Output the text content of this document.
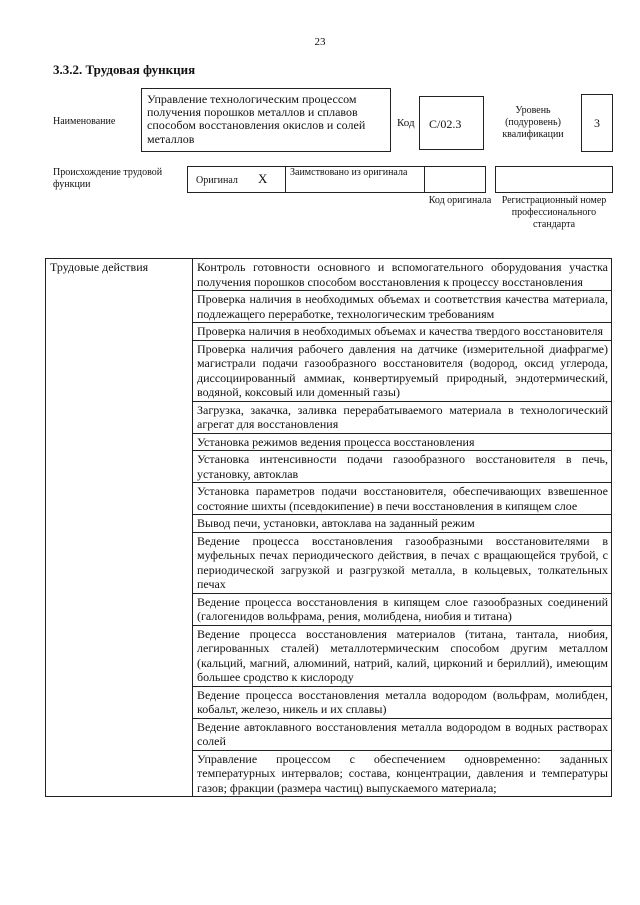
23
3.3.2. Трудовая функция
Наименование
Управление технологическим процессом получения порошков металлов и сплавов способом восстановления окислов и солей металлов
Код	C/02.3
Уровень (подуровень) квалификации
3
Происхождение трудовой функции	Оригинал X Заимствовано из оригинала
Код оригинала	Регистрационный номер профессионального стандарта
Трудовые действия	Контроль готовности основного и вспомогательного оборудования участка получения порошков способом восстановления к процессу восстановления
Проверка наличия в необходимых объемах и соответствия качества материала, подлежащего переработке, технологическим требованиям
Проверка наличия в необходимых объемах и качества твердого восстановителя
Проверка наличия рабочего давления на датчике (измерительной диафрагме) магистрали подачи газообразного восстановителя (водород, оксид углерода, диссоциированный аммиак, конвертируемый природный, эндотермический, водяной, коксовый или доменный газы)
Загрузка, закачка, заливка перерабатываемого материала в технологический агрегат для восстановления
Установка режимов ведения процесса восстановления
Установка интенсивности подачи газообразного восстановителя в печь, установку, автоклав
Установка параметров подачи восстановителя, обеспечивающих взвешенное состояние шихты (псевдокипение) в печи восстановления в кипящем слое
Вывод печи, установки, автоклава на заданный режим
Ведение процесса восстановления газообразными восстановителями в муфельных печах периодического действия, в печах с вращающейся трубой, с периодической загрузкой и разгрузкой металла, в кольцевых, толкательных печах
Ведение процесса восстановления в кипящем слое газообразных соединений (галогенидов вольфрама, рения, молибдена, ниобия и титана)
Ведение процесса восстановления материалов (титана, тантала, ниобия, легированных сталей) металлотермическим способом другим металлом (кальций, магний, алюминий, натрий, калий, цирконий и бериллий), имеющим большее сродство к кислороду
Ведение процесса восстановления металла водородом (вольфрам, молибден, кобальт, железо, никель и их сплавы)
Ведение автоклавного восстановления металла водородом в водных растворах солей
Управление процессом с обеспечением одновременно: заданных температурных интервалов; состава, концентрации, давления и температуры газов; фракции (размера частиц) выпускаемого материала;
